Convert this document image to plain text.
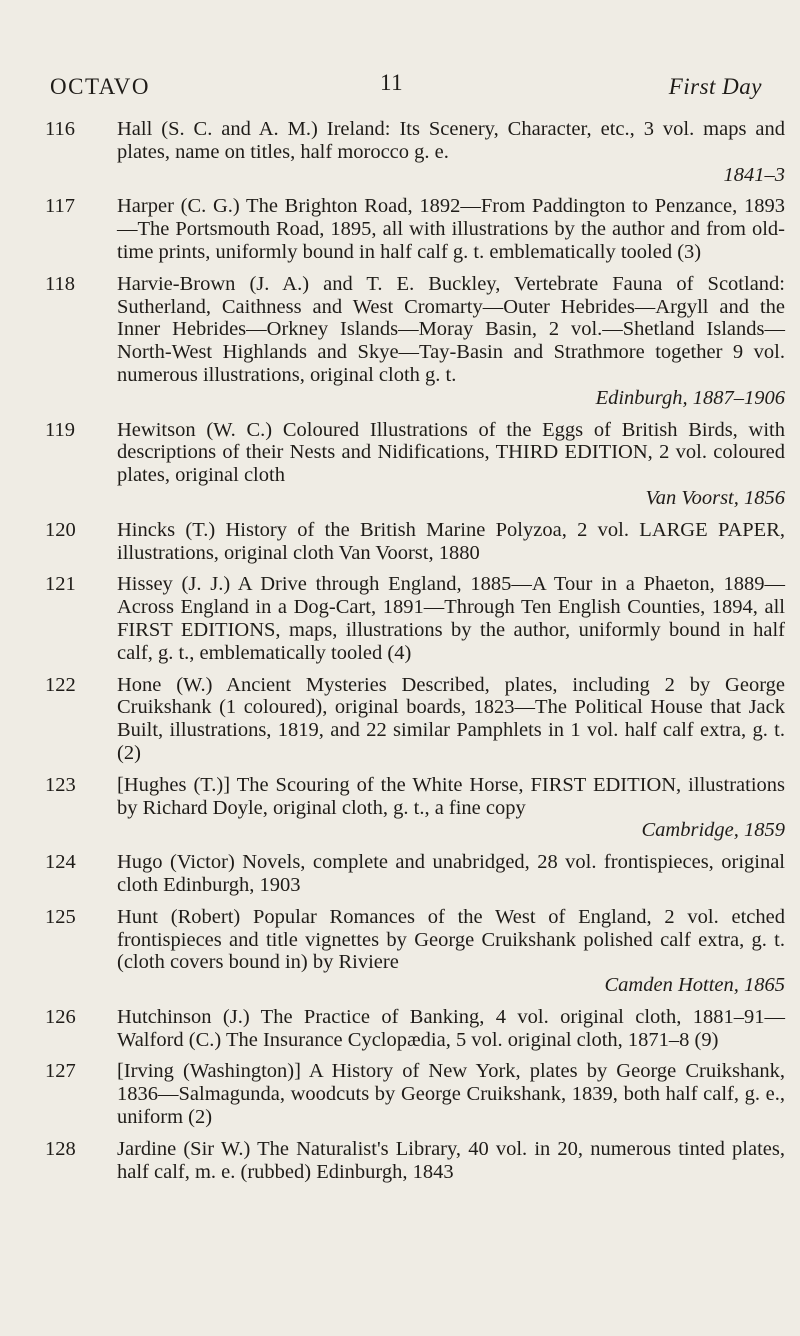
OCTAVO	11	First Day
116	Hall (S. C. and A. M.) Ireland: Its Scenery, Character, etc., 3 vol. maps and plates, name on titles, half morocco g. e.
1841–3
117	Harper (C. G.) The Brighton Road, 1892—From Paddington to Penzance, 1893—The Portsmouth Road, 1895, all with illustrations by the author and from old-time prints, uniformly bound in half calf g. t. emblematically tooled (3)
118	Harvie-Brown (J. A.) and T. E. Buckley, Vertebrate Fauna of Scotland: Sutherland, Caithness and West Cromarty—Outer Hebrides—Argyll and the Inner Hebrides—Orkney Islands—Moray Basin, 2 vol.—Shetland Islands—North-West Highlands and Skye—Tay-Basin and Strathmore together 9 vol. numerous illustrations, original cloth g. t.
Edinburgh, 1887–1906
119	Hewitson (W. C.) Coloured Illustrations of the Eggs of British Birds, with descriptions of their Nests and Nidifications, THIRD EDITION, 2 vol. coloured plates, original cloth
Van Voorst, 1856
120	Hincks (T.) History of the British Marine Polyzoa, 2 vol. LARGE PAPER, illustrations, original cloth Van Voorst, 1880
121	Hissey (J. J.) A Drive through England, 1885—A Tour in a Phaeton, 1889—Across England in a Dog-Cart, 1891—Through Ten English Counties, 1894, all FIRST EDITIONS, maps, illustrations by the author, uniformly bound in half calf, g. t., emblematically tooled (4)
122	Hone (W.) Ancient Mysteries Described, plates, including 2 by George Cruikshank (1 coloured), original boards, 1823—The Political House that Jack Built, illustrations, 1819, and 22 similar Pamphlets in 1 vol. half calf extra, g. t. (2)
123	[Hughes (T.)] The Scouring of the White Horse, FIRST EDITION, illustrations by Richard Doyle, original cloth, g. t., a fine copy
Cambridge, 1859
124	Hugo (Victor) Novels, complete and unabridged, 28 vol. frontispieces, original cloth Edinburgh, 1903
125	Hunt (Robert) Popular Romances of the West of England, 2 vol. etched frontispieces and title vignettes by George Cruikshank polished calf extra, g. t. (cloth covers bound in) by Riviere
Camden Hotten, 1865
126	Hutchinson (J.) The Practice of Banking, 4 vol. original cloth, 1881–91—Walford (C.) The Insurance Cyclopædia, 5 vol. original cloth, 1871–8 (9)
127	[Irving (Washington)] A History of New York, plates by George Cruikshank, 1836—Salmagunda, woodcuts by George Cruikshank, 1839, both half calf, g. e., uniform (2)
128	Jardine (Sir W.) The Naturalist's Library, 40 vol. in 20, numerous tinted plates, half calf, m. e. (rubbed) Edinburgh, 1843
